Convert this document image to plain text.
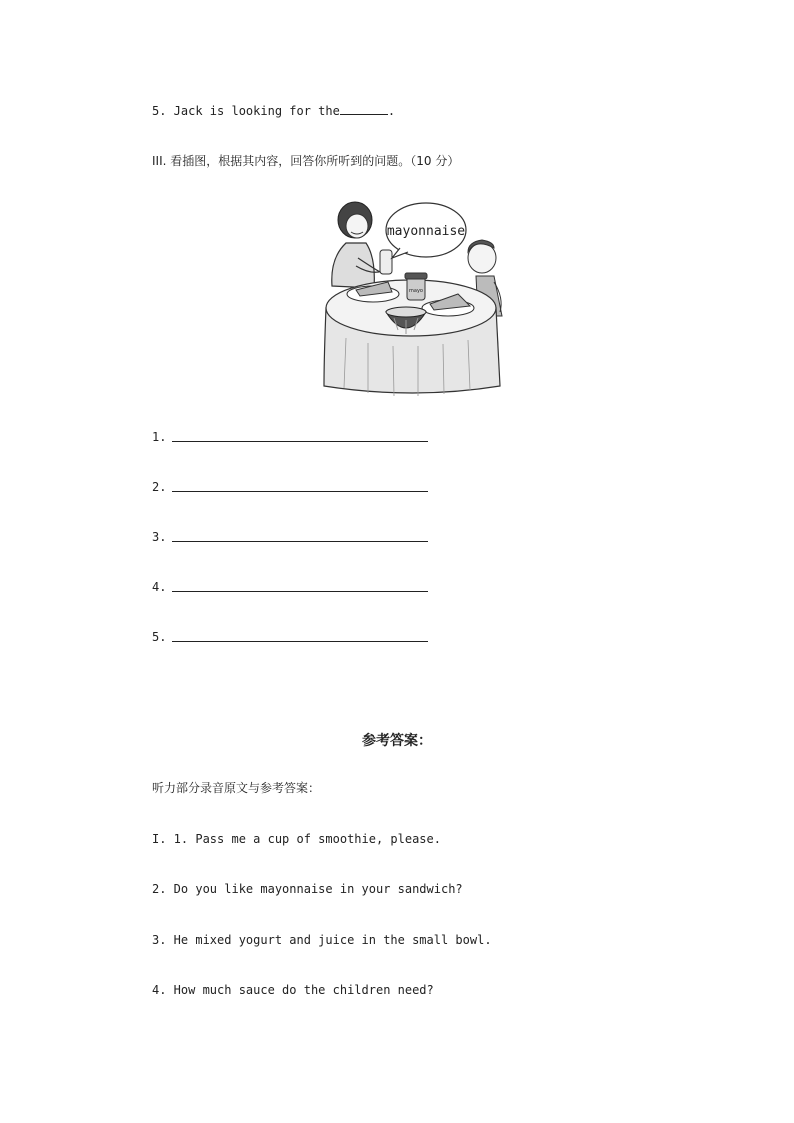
5. Jack is looking for the	.
III. 看插图，根据其内容，回答你所听到的问题。（10 分）
mayonnaise
mayo
1.
2.
3.
4.
5.
参考答案：
听力部分录音原文与参考答案：
I. 1. Pass me a cup of smoothie, please.
2. Do you like mayonnaise in your sandwich?
3. He mixed yogurt and juice in the small bowl.
4. How much sauce do the children need?
